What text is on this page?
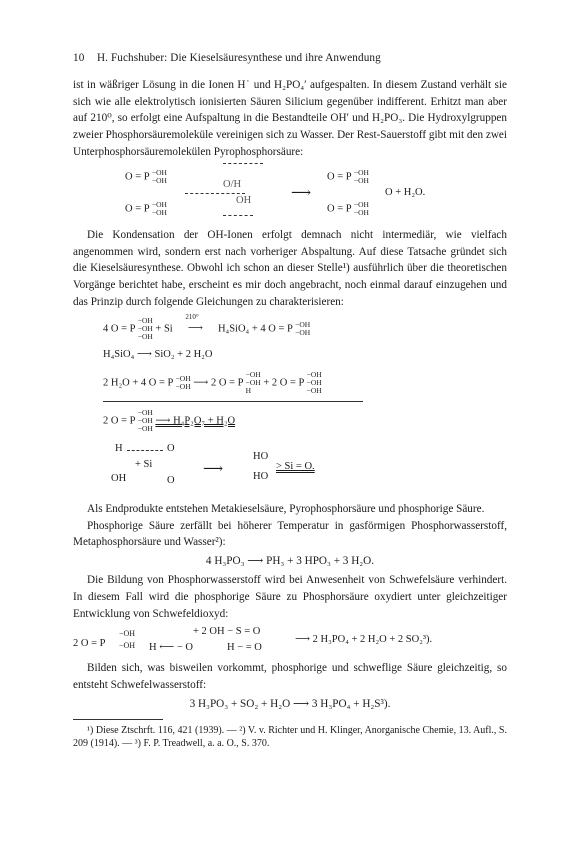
10 H. Fuchshuber: Die Kieselsäuresynthese und ihre Anwendung

ist in wäßriger Lösung in die Ionen H˙ und H₂PO₄′ aufgespalten. In diesem Zustand verhält sie sich wie alle elektrolytisch ionisierten Säuren Silicium gegenüber indifferent. Erhitzt man aber auf 210⁰, so erfolgt eine Aufspaltung in die Bestandteile OH′ und H₂PO₃. Die Hydroxylgruppen zweier Phosphorsäuremoleküle vereinigen sich zu Wasser. Der Rest-Sauerstoff gibt mit den zwei Unterphosphorsäuremolekülen Pyrophosphorsäure:

O = P −OH
−OH
O = P −OH
−OH
O/H
OH	⟶
O = P −OH
−OH
O + H₂O.
O = P −OH
−OH

Die Kondensation der OH-Ionen erfolgt demnach nicht intermediär, wie vielfach angenommen wird, sondern erst nach vorheriger Abspaltung. Auf diese Tatsache gründet sich die Kieselsäuresynthese. Obwohl ich schon an dieser Stelle¹) ausführlich über die theoretischen Vorgänge berichtet habe, erscheint es mir doch angebracht, noch einmal darauf einzugehen und das Prinzip durch folgende Gleichungen zu charakterisieren:

4 O = P
−OH
−OH
−OH
+ Si
210°
⟶ H₄SiO₄ + 4 O = P −OH
−OH
H₄SiO₄ ⟶ SiO₂ + 2 H₂O
2 H₂O + 4 O = P −OH
−OH ⟶ 2 O = P
−OH
−OH
H
+ 2 O = P
−OH
−OH
−OH
2 O = P
−OH
−OH
−OH
⟶ H₄P₂O₇ + H₂O
H	O
+ Si
OH	O
⟶
HO
HO
> Si = O.

Als Endprodukte entstehen Metakieselsäure, Pyrophosphorsäure und phosphorige Säure.

Phosphorige Säure zerfällt bei höherer Temperatur in gasförmigen Phosphorwasserstoff, Metaphosphorsäure und Wasser²):

4 H₃PO₃ ⟶ PH₃ + 3 HPO₃ + 3 H₂O.

Die Bildung von Phosphorwasserstoff wird bei Anwesenheit von Schwefelsäure verhindert. In diesem Fall wird die phosphorige Säure zu Phosphorsäure oxydiert unter gleichzeitiger Entwicklung von Schwefeldioxyd:

2 O = P
−OH
−OH H ⟵ − O
+ 2 OH − S = O
H − = O
⟶ 2 H₃PO₄ + 2 H₂O + 2 SO₂³).

Bilden sich, was bisweilen vorkommt, phosphorige und schweflige Säure gleichzeitig, so entsteht Schwefelwasserstoff:

3 H₃PO₃ + SO₂ + H₂O ⟶ 3 H₃PO₄ + H₂S³).

¹) Diese Ztschrft. 116, 421 (1939). — ²) V. v. Richter und H. Klinger, Anorganische Chemie, 13. Aufl., S. 209 (1914). — ³) F. P. Treadwell, a. a. O., S. 370.
